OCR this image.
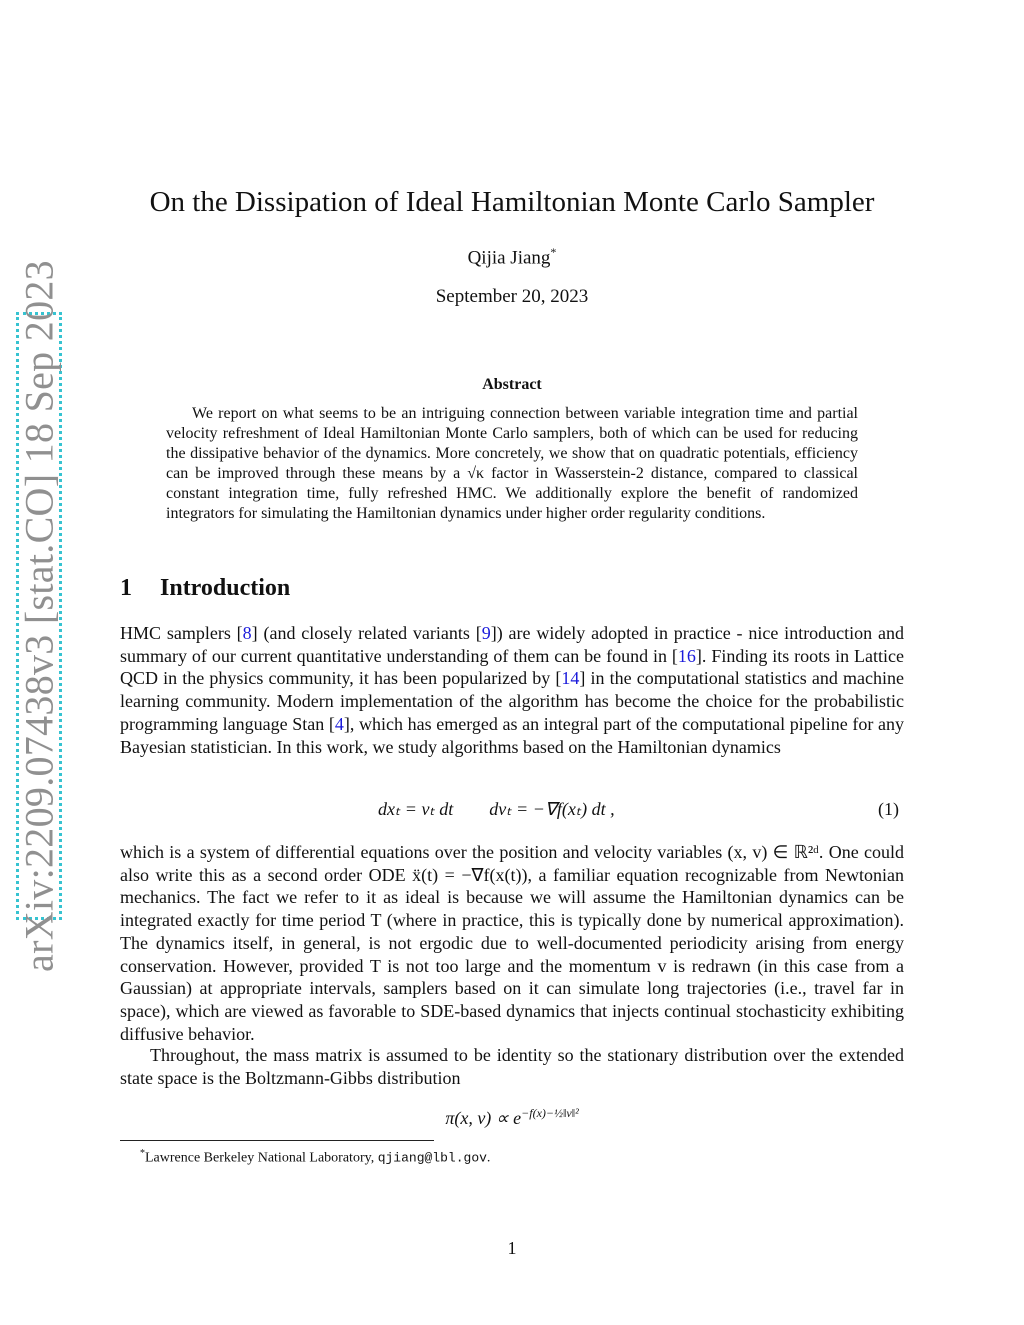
arXiv:2209.07438v3 [stat.CO] 18 Sep 2023
On the Dissipation of Ideal Hamiltonian Monte Carlo Sampler
Qijia Jiang*
September 20, 2023
Abstract
We report on what seems to be an intriguing connection between variable integration time and partial velocity refreshment of Ideal Hamiltonian Monte Carlo samplers, both of which can be used for reducing the dissipative behavior of the dynamics. More concretely, we show that on quadratic potentials, efficiency can be improved through these means by a √κ factor in Wasserstein-2 distance, compared to classical constant integration time, fully refreshed HMC. We additionally explore the benefit of randomized integrators for simulating the Hamiltonian dynamics under higher order regularity conditions.
1 Introduction
HMC samplers [8] (and closely related variants [9]) are widely adopted in practice - nice introduction and summary of our current quantitative understanding of them can be found in [16]. Finding its roots in Lattice QCD in the physics community, it has been popularized by [14] in the computational statistics and machine learning community. Modern implementation of the algorithm has become the choice for the probabilistic programming language Stan [4], which has emerged as an integral part of the computational pipeline for any Bayesian statistician. In this work, we study algorithms based on the Hamiltonian dynamics
dxₜ = vₜ dt        dvₜ = −∇f(xₜ) dt ,	(1)
which is a system of differential equations over the position and velocity variables (x, v) ∈ ℝ²ᵈ. One could also write this as a second order ODE ẍ(t) = −∇f(x(t)), a familiar equation recognizable from Newtonian mechanics. The fact we refer to it as ideal is because we will assume the Hamiltonian dynamics can be integrated exactly for time period T (where in practice, this is typically done by numerical approximation). The dynamics itself, in general, is not ergodic due to well-documented periodicity arising from energy conservation. However, provided T is not too large and the momentum v is redrawn (in this case from a Gaussian) at appropriate intervals, samplers based on it can simulate long trajectories (i.e., travel far in space), which are viewed as favorable to SDE-based dynamics that injects continual stochasticity exhibiting diffusive behavior.
Throughout, the mass matrix is assumed to be identity so the stationary distribution over the extended state space is the Boltzmann-Gibbs distribution
π(x, $v) \propto e^{-f(x)-\frac{1}{2}‖v‖^2}$
*Lawrence Berkeley National Laboratory, qjiang@lbl.gov.
1
